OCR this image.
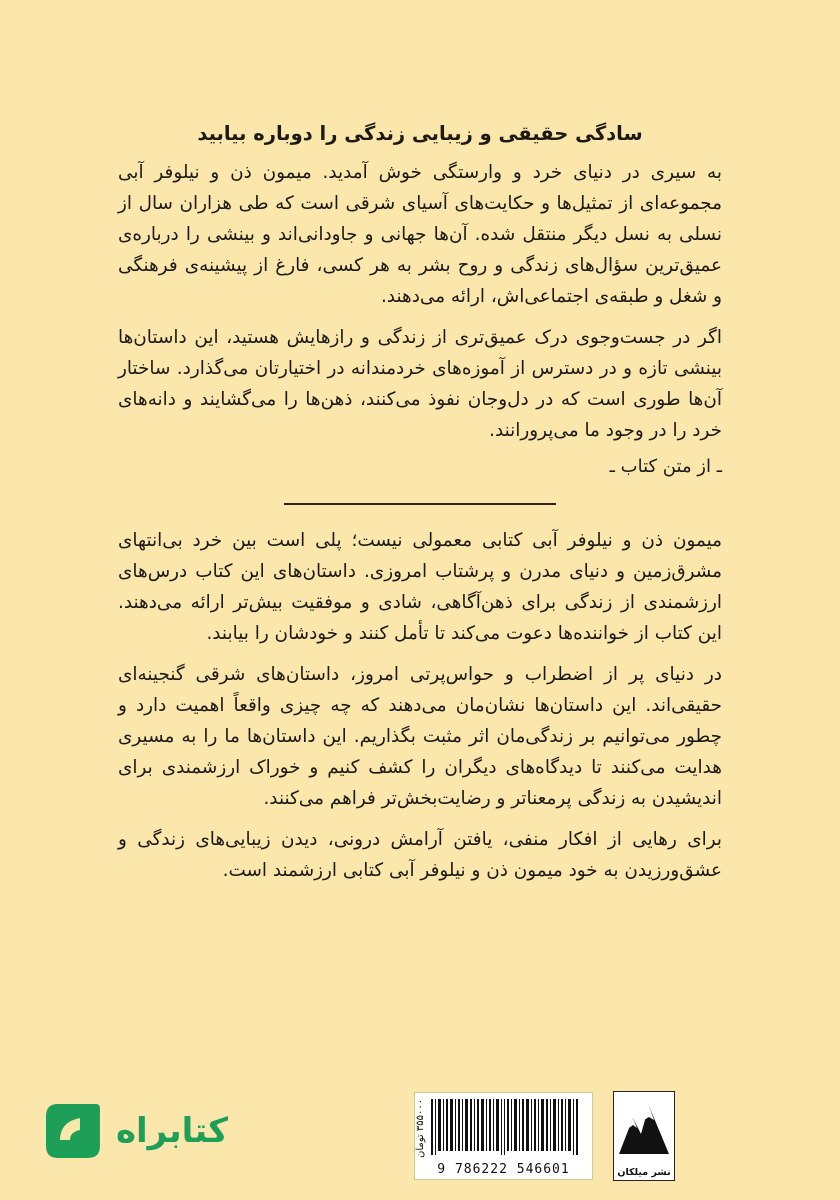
سادگی حقیقی و زیبایی زندگی را دوباره بیابید

به سیری در دنیای خرد و وارستگی خوش آمدید. میمون ذن و نیلوفر آبی مجموعه‌ای از تمثیل‌ها و حکایت‌های آسیای شرقی است که طی هزاران سال از نسلی به نسل دیگر منتقل شده. آن‌ها جهانی و جاودانی‌اند و بینشی را درباره‌ی عمیق‌ترین سؤال‌های زندگی و روح بشر به هر کسی، فارغ از پیشینه‌ی فرهنگی و شغل و طبقه‌ی اجتماعی‌اش، ارائه می‌دهند.

اگر در جست‌وجوی درک عمیق‌تری از زندگی و رازهایش هستید، این داستان‌ها بینشی تازه و در دسترس از آموزه‌های خردمندانه در اختیارتان می‌گذارد. ساختار آن‌ها طوری است که در دل‌وجان نفوذ می‌کنند، ذهن‌ها را می‌گشایند و دانه‌های خرد را در وجود ما می‌پرورانند.

ـ از متن کتاب ـ

میمون ذن و نیلوفر آبی کتابی معمولی نیست؛ پلی است بین خرد بی‌انتهای مشرق‌زمین و دنیای مدرن و پرشتاب امروزی. داستان‌های این کتاب درس‌های ارزشمندی از زندگی برای ذهن‌آگاهی، شادی و موفقیت بیش‌تر ارائه می‌دهند. این کتاب از خواننده‌ها دعوت می‌کند تا تأمل کنند و خودشان را بیابند.

در دنیای پر از اضطراب و حواس‌پرتی امروز، داستان‌های شرقی گنجینه‌ای حقیقی‌اند. این داستان‌ها نشان‌مان می‌دهند که چه چیزی واقعاً اهمیت دارد و چطور می‌توانیم بر زندگی‌مان اثر مثبت بگذاریم. این داستان‌ها ما را به مسیری هدایت می‌کنند تا دیدگاه‌های دیگران را کشف کنیم و خوراک ارزشمندی برای اندیشیدن به زندگی پرمعناتر و رضایت‌بخش‌تر فراهم می‌کنند.

برای رهایی از افکار منفی، یافتن آرامش درونی، دیدن زیبایی‌های زندگی و عشق‌ورزیدن به خود میمون ذن و نیلوفر آبی کتابی ارزشمند است.

کتابراه	۳۵۵۰۰۰ تومان
9 786222 546601	نشر میلکان
